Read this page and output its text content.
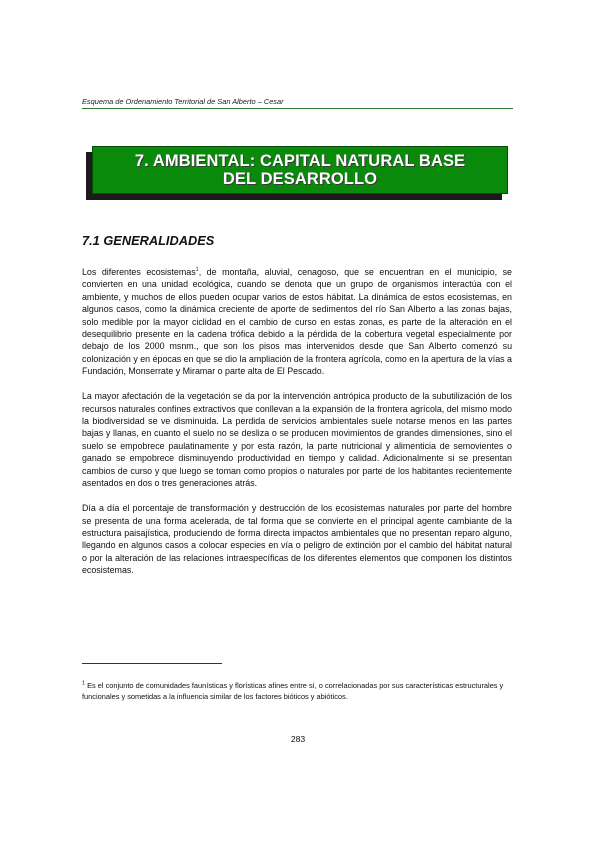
Esquema de Ordenamiento Territorial de San Alberto – Cesar
7. AMBIENTAL: CAPITAL NATURAL BASE
DEL DESARROLLO
7.1 GENERALIDADES

Los diferentes ecosistemas$^1$, de montaña, aluvial, cenagoso, que se encuentran en el municipio, se convierten en una unidad ecológica, cuando se denota que un grupo de organismos interactúa con el ambiente, y muchos de ellos pueden ocupar varios de estos hábitat. La dinámica de estos ecosistemas, en algunos casos, como la dinámica creciente de aporte de sedimentos del río San Alberto a las zonas bajas, solo medible por la mayor ciclidad en el cambio de curso en estas zonas, es parte de la alteración en el desequilibrio presente en la cadena trófica debido a la pérdida de la cobertura vegetal especialmente por debajo de los 2000 msnm., que son los pisos mas intervenidos desde que San Alberto comenzó su colonización y en épocas en que se dio la ampliación de la frontera agrícola, como en la apertura de la vías a Fundación, Monserrate y Miramar o parte alta de El Pescado.

La mayor afectación de la vegetación se da por la intervención antrópica producto de la subutilización de los recursos naturales confines extractivos que conllevan a la expansión de la frontera agrícola, del mismo modo la biodiversidad se ve disminuida. La perdida de servicios ambientales suele notarse menos en las partes bajas y llanas, en cuanto el suelo no se desliza o se producen movimientos de grandes dimensiones, sino el suelo se empobrece paulatinamente y por esta razón, la parte nutricional y alimenticia de semovientes o ganado se empobrece disminuyendo productividad en tiempo y calidad. Adicionalmente si se presentan cambios de curso y que luego se toman como propios o naturales por parte de los habitantes recientemente asentados en dos o tres generaciones atrás.

Día a día el porcentaje de transformación y destrucción de los ecosistemas naturales por parte del hombre se presenta de una forma acelerada, de tal forma que se convierte en el principal agente cambiante de la estructura paisajística, produciendo de forma directa impactos ambientales que no presentan reparo alguno, llegando en algunos casos a colocar especies en vía o peligro de extinción por el cambio del hábitat natural o por la alteración de las relaciones intraespecíficas de los diferentes elementos que componen los distintos ecosistemas.

$^1$ Es el conjunto de comunidades faunísticas y florísticas afines entre sí, o correlacionadas por sus características estructurales y funcionales y sometidas a la influencia similar de los factores bióticos y abióticos.
283
